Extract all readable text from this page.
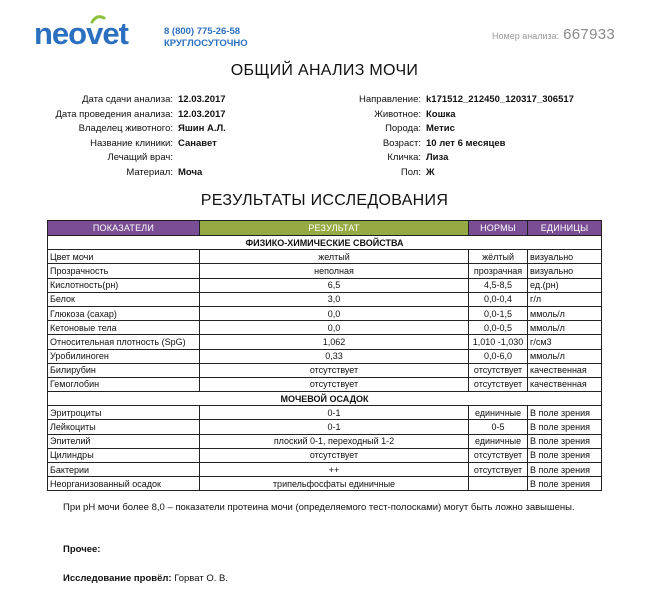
neovet	8 (800) 775-26-58
КРУГЛОСУТОЧНО
Номер анализа: 667933
ОБЩИЙ АНАЛИЗ МОЧИ
Дата сдачи анализа: 12.03.2017
Дата проведения анализа: 12.03.2017
Владелец животного: Яшин А.Л.
Название клиники: Санавет
Лечащий врач:
Материал: Моча
Направление: k171512_212450_120317_306517
Животное: Кошка
Порода: Метис
Возраст: 10 лет 6 месяцев
Кличка: Лиза
Пол: Ж
РЕЗУЛЬТАТЫ ИССЛЕДОВАНИЯ
ПОКАЗАТЕЛИ	РЕЗУЛЬТАТ	НОРМЫ	ЕДИНИЦЫ
ФИЗИКО-ХИМИЧЕСКИЕ СВОЙСТВА			
Цвет мочи	желтый	жёлтый	визуально
Прозрачность	неполная	прозрачная	визуально
Кислотность(рн)	6,5	4,5-8,5	ед.(рн)
Белок	3,0	0,0-0,4	г/л
Глюкоза (сахар)	0,0	0,0-1,5	ммоль/л
Кетоновые тела	0,0	0,0-0,5	ммоль/л
Относительная плотность (SpG)	1,062	1,010 -1,030	г/см3
Уробилиноген	0,33	0,0-6,0	ммоль/л
Билирубин	отсутствует	отсутствует	качественная
Гемоглобин	отсутствует	отсутствует	качественная
МОЧЕВОЙ ОСАДОК			
Эритроциты	0-1	единичные	В поле зрения
Лейкоциты	0-1	0-5	В поле зрения
Эпителий	плоский 0-1, переходный 1-2	единичные	В поле зрения
Цилиндры	отсутствует	отсутствует	В поле зрения
Бактерии	++	отсутствует	В поле зрения
Неорганизованный осадок	трипельфосфаты единичные		В поле зрения
При рН мочи более 8,0 – показатели протеина мочи (определяемого тест-полосками) могут быть ложно завышены.
Прочее:
Исследование провёл: Горват О. В.
